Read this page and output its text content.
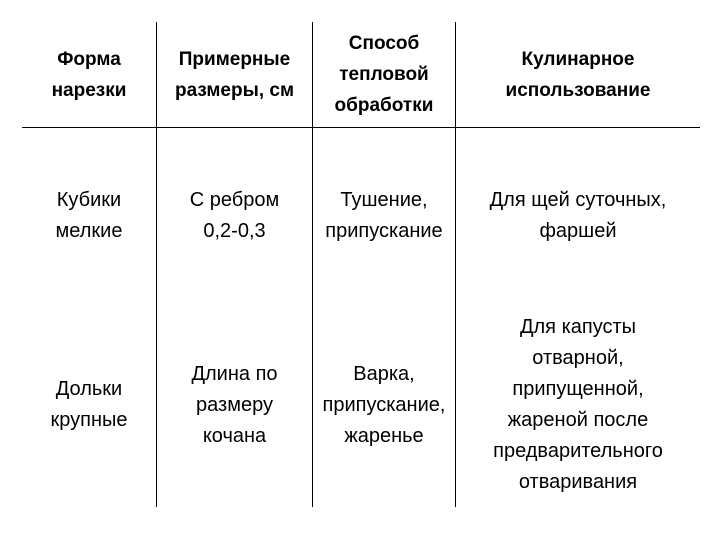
Форма нарезки
Примерные размеры, см
Способ тепловой обработки
Кулинарное использование
Кубики мелкие
С ребром 0,2-0,3
Тушение, припускание
Для щей суточных, фаршей
Дольки крупные
Длина по размеру кочана
Варка, припускание, жаренье
Для капусты отварной, припущенной, жареной после предварительного отваривания
